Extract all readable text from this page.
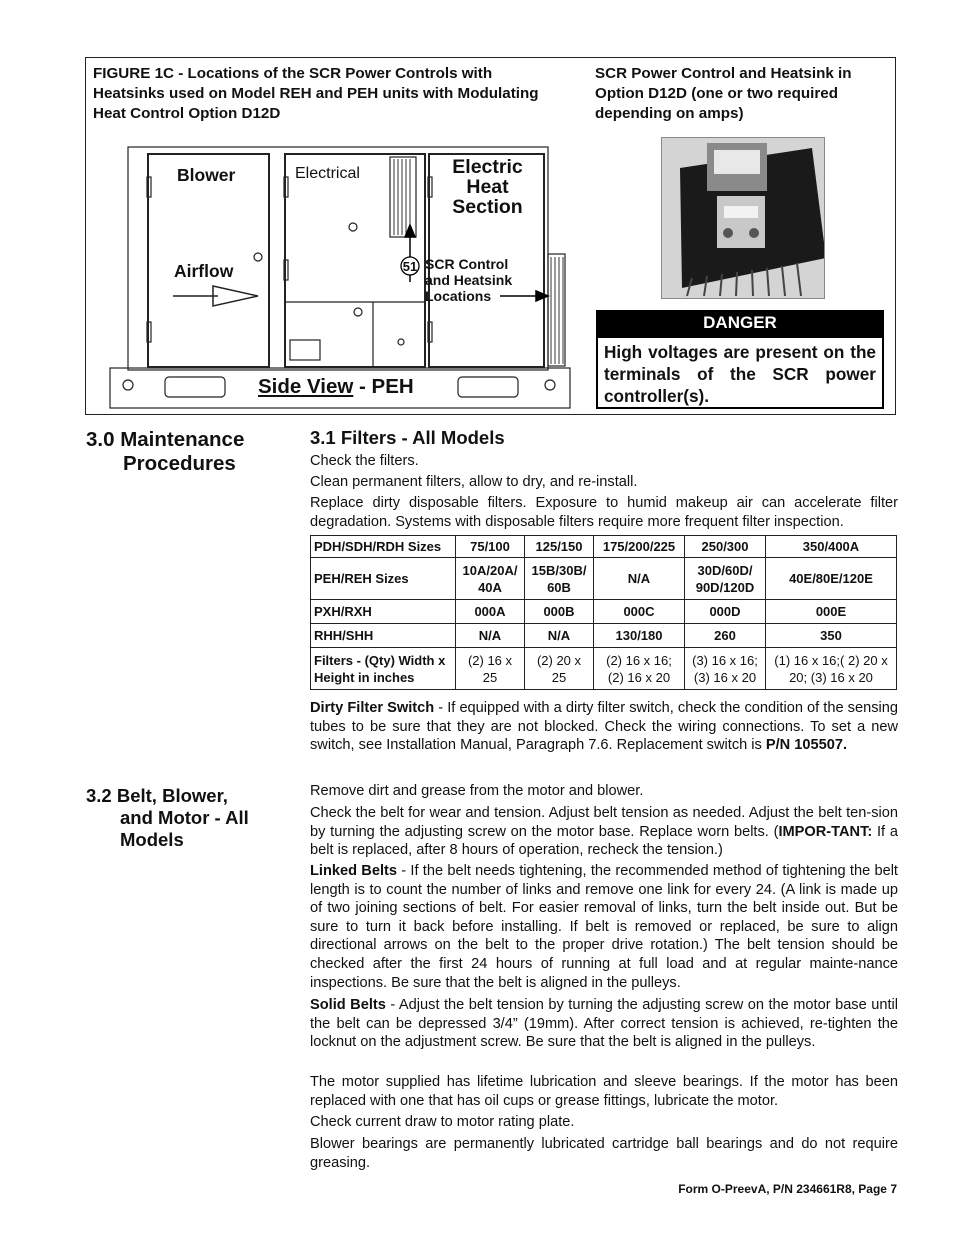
FIGURE 1C - Locations of the SCR Power Controls with Heatsinks used on Model REH and PEH units with Modulating Heat Control Option D12D
SCR Power Control and Heatsink in Option D12D (one or two required depending on amps)
Blower
Airflow
Electrical	Electric
Heat
Section
51 SCR Control
and Heatsink
Locations
Side View - PEH
DANGER
High voltages are present on the terminals of the SCR power controller(s).
3.0 Maintenance
Procedures
3.1 Filters - All Models
Check the filters.
Clean permanent filters, allow to dry, and re-install.
Replace dirty disposable filters. Exposure to humid makeup air can accelerate filter degradation. Systems with disposable filters require more frequent filter inspection.
PDH/SDH/RDH Sizes	75/100	125/150	175/200/225	250/300	350/400A
PEH/REH Sizes	10A/20A/ 40A	15B/30B/ 60B	N/A	30D/60D/ 90D/120D	40E/80E/120E
PXH/RXH	000A	000B	000C	000D	000E
RHH/SHH	N/A	N/A	130/180	260	350
Filters - (Qty) Width x Height in inches	(2) 16 x 25	(2) 20 x 25	(2) 16 x 16; (2) 16 x 20	(3) 16 x 16; (3) 16 x 20	(1) 16 x 16;( 2) 20 x 20; (3) 16 x 20
Dirty Filter Switch - If equipped with a dirty filter switch, check the condition of the sensing tubes to be sure that they are not blocked. Check the wiring connections. To set a new switch, see Installation Manual, Paragraph 7.6. Replacement switch is P/N 105507.
3.2 Belt, Blower,
and Motor - All
Models
Remove dirt and grease from the motor and blower.
Check the belt for wear and tension. Adjust belt tension as needed. Adjust the belt ten-sion by turning the adjusting screw on the motor base. Replace worn belts. (IMPOR-TANT: If a belt is replaced, after 8 hours of operation, recheck the tension.)
Linked Belts - If the belt needs tightening, the recommended method of tightening the belt length is to count the number of links and remove one link for every 24. (A link is made up of two joining sections of belt. For easier removal of links, turn the belt inside out. But be sure to turn it back before installing. If belt is removed or replaced, be sure to align directional arrows on the belt to the proper drive rotation.) The belt tension should be checked after the first 24 hours of running at full load and at regular mainte-nance inspections. Be sure that the belt is aligned in the pulleys.
Solid Belts - Adjust the belt tension by turning the adjusting screw on the motor base until the belt can be depressed 3/4” (19mm). After correct tension is achieved, re-tighten the locknut on the adjustment screw. Be sure that the belt is aligned in the pulleys.
The motor supplied has lifetime lubrication and sleeve bearings. If the motor has been replaced with one that has oil cups or grease fittings, lubricate the motor.
Check current draw to motor rating plate.
Blower bearings are permanently lubricated cartridge ball bearings and do not require greasing.
Form O-PreevA, P/N 234661R8, Page 7
